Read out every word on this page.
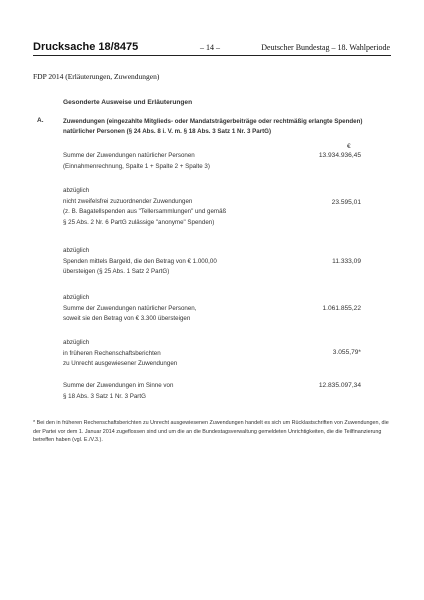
Drucksache 18/8475	– 14 –	Deutscher Bundestag – 18. Wahlperiode
FDP 2014 (Erläuterungen, Zuwendungen)
Gesonderte Ausweise und Erläuterungen
A.	Zuwendungen (eingezahlte Mitglieds- oder Mandatsträgerbeiträge oder rechtmäßig erlangte Spenden) natürlicher Personen (§ 24 Abs. 8 i. V. m. § 18 Abs. 3 Satz 1 Nr. 3 PartG)
€
Summe der Zuwendungen natürlicher Personen
(Einnahmenrechnung, Spalte 1 + Spalte 2 + Spalte 3)
13.934.936,45
abzüglich
nicht zweifelsfrei zuzuordnender Zuwendungen
(z. B. Bagatellspenden aus "Tellersammlungen" und gemäß
§ 25 Abs. 2 Nr. 6 PartG zulässige "anonyme" Spenden)
23.595,01
abzüglich
Spenden mittels Bargeld, die den Betrag von € 1.000,00
übersteigen (§ 25 Abs. 1 Satz 2 PartG)
11.333,09
abzüglich
Summe der Zuwendungen natürlicher Personen,
soweit sie den Betrag von € 3.300 übersteigen
1.061.855,22
abzüglich
in früheren Rechenschaftsberichten
zu Unrecht ausgewiesener Zuwendungen
3.055,79*
Summe der Zuwendungen im Sinne von
§ 18 Abs. 3 Satz 1 Nr. 3 PartG
12.835.097,34
* Bei den in früheren Rechenschaftsberichten zu Unrecht ausgewiesenen Zuwendungen handelt es sich um Rücklastschriften von Zuwendungen, die der Partei vor dem 1. Januar 2014 zugeflossen sind und um die an die Bundestagsverwaltung gemeldeten Unrichtigkeiten, die die Teilfinanzierung betreffen haben (vgl. E./V.3.).
